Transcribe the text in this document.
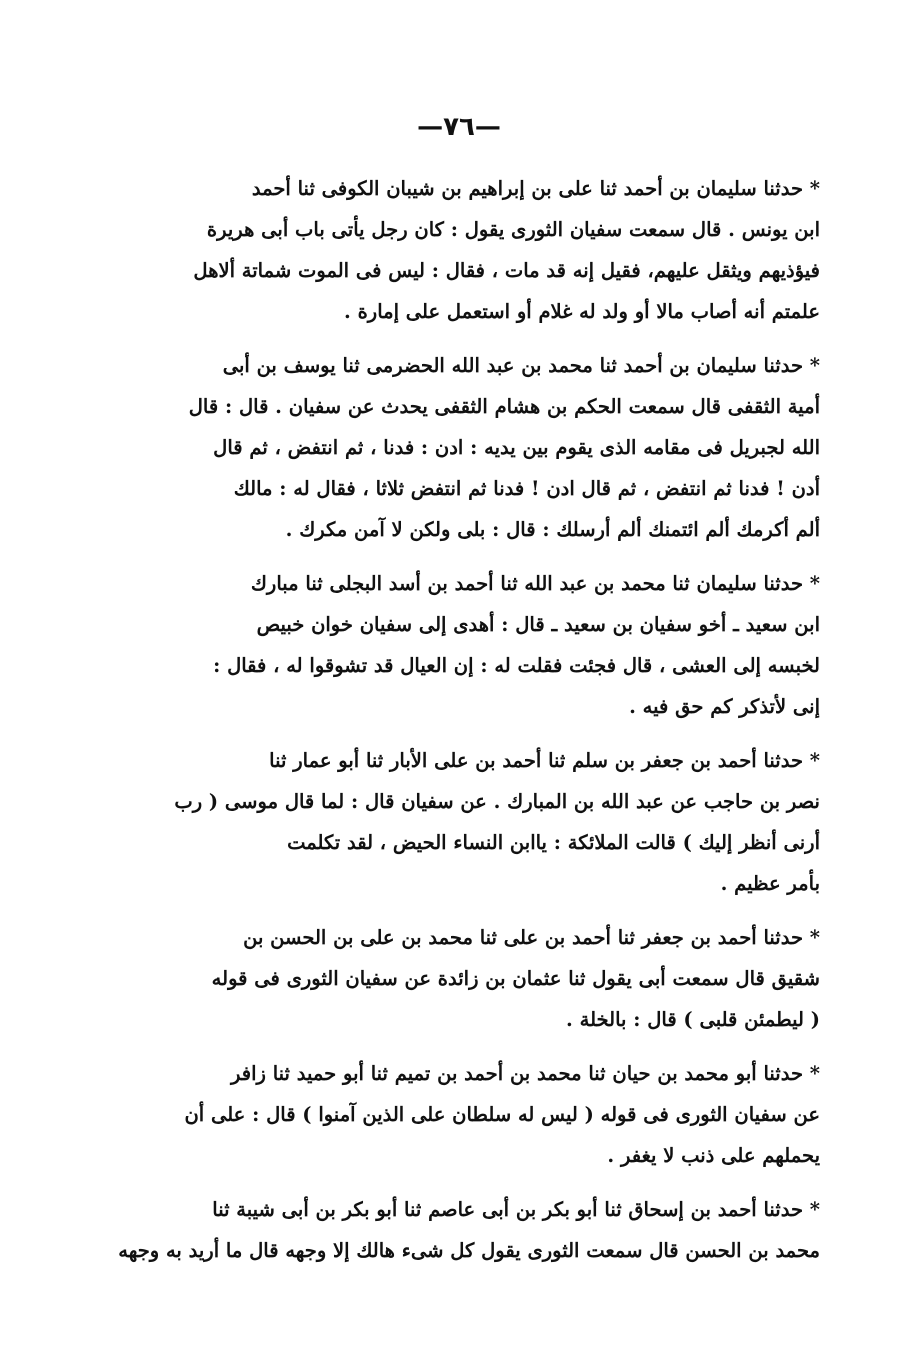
—٧٦—
* حدثنا سليمان بن أحمد ثنا على بن إبراهيم بن شيبان الكوفى ثنا أحمد
ابن يونس . قال سمعت سفيان الثورى يقول : كان رجل يأتى باب أبى هريرة
فيؤذيهم ويثقل عليهم، فقيل إنه قد مات ، فقال : ليس فى الموت شماتة ألاهل
علمتم أنه أصاب مالا أو ولد له غلام أو استعمل على إمارة .
* حدثنا سليمان بن أحمد ثنا محمد بن عبد الله الحضرمى ثنا يوسف بن أبى
أمية الثقفى قال سمعت الحكم بن هشام الثقفى يحدث عن سفيان . قال : قال
الله لجبريل فى مقامه الذى يقوم بين يديه : ادن : فدنا ، ثم انتفض ، ثم قال
أدن ! فدنا ثم انتفض ، ثم قال ادن ! فدنا ثم انتفض ثلاثا ، فقال له : مالك
ألم أكرمك ألم ائتمنك ألم أرسلك : قال : بلى ولكن لا آمن مكرك .
* حدثنا سليمان ثنا محمد بن عبد الله ثنا أحمد بن أسد البجلى ثنا مبارك
ابن سعيد ـ أخو سفيان بن سعيد ـ قال : أهدى إلى سفيان خوان خبيص
لخبسه إلى العشى ، قال فجئت فقلت له : إن العيال قد تشوقوا له ، فقال :
إنى لأتذكر كم حق فيه .
* حدثنا أحمد بن جعفر بن سلم ثنا أحمد بن على الأبار ثنا أبو عمار ثنا
نصر بن حاجب عن عبد الله بن المبارك . عن سفيان قال : لما قال موسى ( رب
أرنى أنظر إليك ) قالت الملائكة : ياابن النساء الحيض ، لقد تكلمت
بأمر عظيم .
* حدثنا أحمد بن جعفر ثنا أحمد بن على ثنا محمد بن على بن الحسن بن
شقيق قال سمعت أبى يقول ثنا عثمان بن زائدة عن سفيان الثورى فى قوله
( ليطمئن قلبى ) قال : بالخلة .
* حدثنا أبو محمد بن حيان ثنا محمد بن أحمد بن تميم ثنا أبو حميد ثنا زافر
عن سفيان الثورى فى قوله ( ليس له سلطان على الذين آمنوا ) قال : على أن
يحملهم على ذنب لا يغفر .
* حدثنا أحمد بن إسحاق ثنا أبو بكر بن أبى عاصم ثنا أبو بكر بن أبى شيبة ثنا
محمد بن الحسن قال سمعت الثورى يقول كل شىء هالك إلا وجهه قال ما أريد به وجهه
